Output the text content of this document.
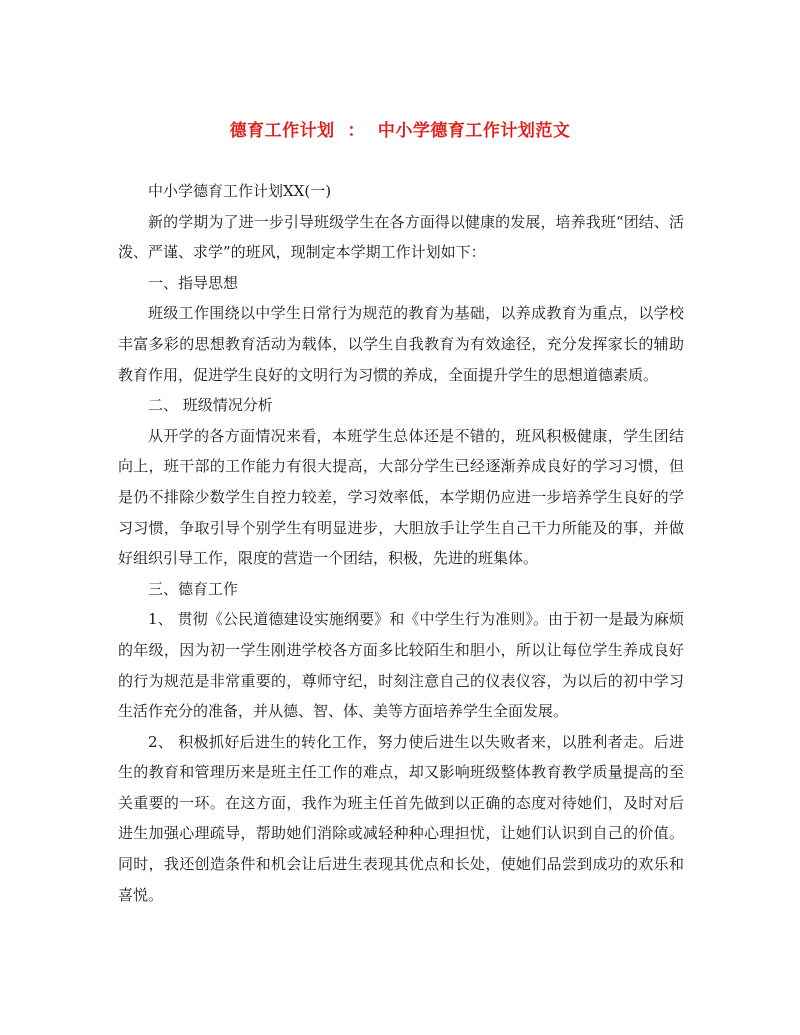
德育工作计划  ：  中小学德育工作计划范文

中小学德育工作计划XX(一)

新的学期为了进一步引导班级学生在各方面得以健康的发展，培养我班“团结、活泼、严谨、求学”的班风，现制定本学期工作计划如下：

一、指导思想

班级工作围绕以中学生日常行为规范的教育为基础，以养成教育为重点，以学校丰富多彩的思想教育活动为载体，以学生自我教育为有效途径，充分发挥家长的辅助教育作用，促进学生良好的文明行为习惯的养成，全面提升学生的思想道德素质。

二、 班级情况分析

从开学的各方面情况来看，本班学生总体还是不错的，班风积极健康，学生团结向上，班干部的工作能力有很大提高，大部分学生已经逐渐养成良好的学习习惯，但是仍不排除少数学生自控力较差，学习效率低，本学期仍应进一步培养学生良好的学习习惯，争取引导个别学生有明显进步，大胆放手让学生自己干力所能及的事，并做好组织引导工作，限度的营造一个团结，积极，先进的班集体。

三、德育工作

1、 贯彻《公民道德建设实施纲要》和《中学生行为准则》。由于初一是最为麻烦的年级，因为初一学生刚进学校各方面多比较陌生和胆小，所以让每位学生养成良好的行为规范是非常重要的，尊师守纪，时刻注意自己的仪表仪容，为以后的初中学习生活作充分的准备，并从德、智、体、美等方面培养学生全面发展。

2、 积极抓好后进生的转化工作，努力使后进生以失败者来，以胜利者走。后进生的教育和管理历来是班主任工作的难点，却又影响班级整体教育教学质量提高的至关重要的一环。在这方面，我作为班主任首先做到以正确的态度对待她们，及时对后进生加强心理疏导，帮助她们消除或减轻种种心理担忧，让她们认识到自己的价值。同时，我还创造条件和机会让后进生表现其优点和长处，使她们品尝到成功的欢乐和喜悦。
